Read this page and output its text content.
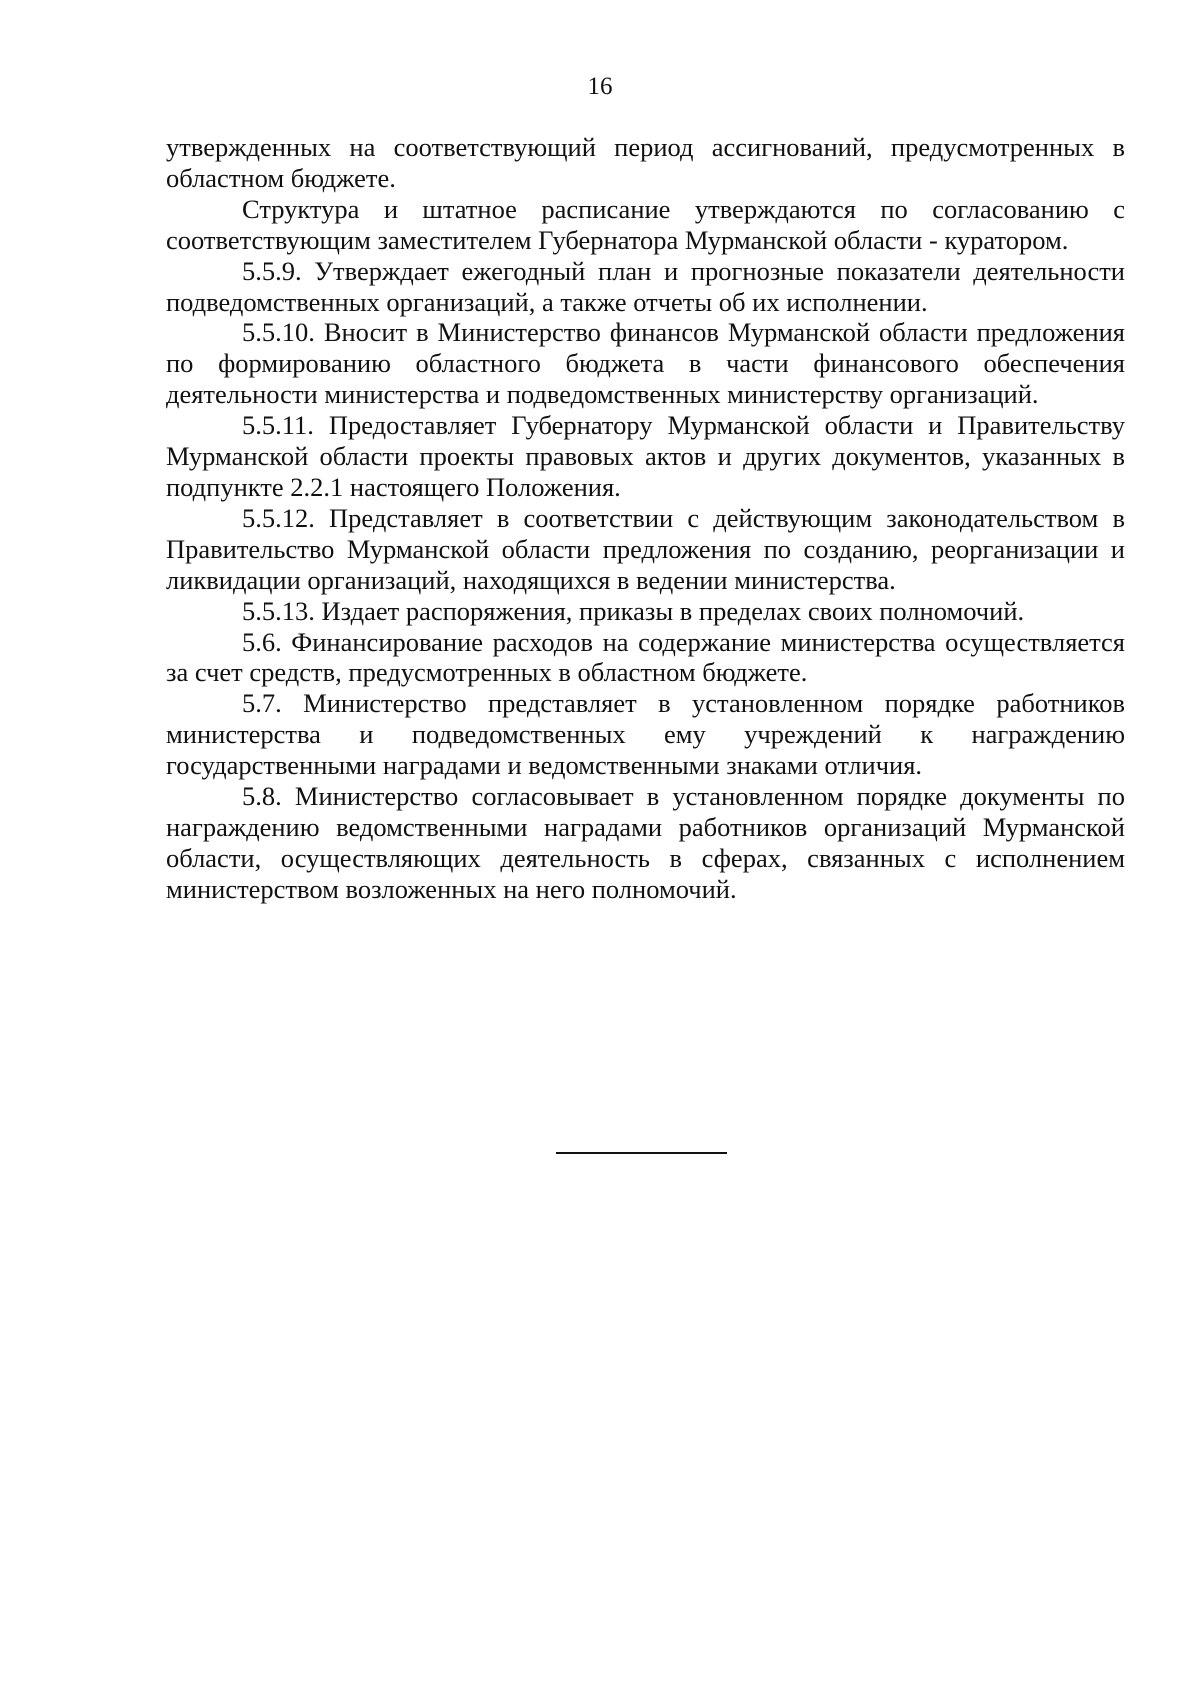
16

утвержденных на соответствующий период ассигнований, предусмотренных в областном бюджете.

Структура и штатное расписание утверждаются по согласованию с соответствующим заместителем Губернатора Мурманской области - куратором.

5.5.9. Утверждает ежегодный план и прогнозные показатели деятельности подведомственных организаций, а также отчеты об их исполнении.

5.5.10. Вносит в Министерство финансов Мурманской области предложения по формированию областного бюджета в части финансового обеспечения деятельности министерства и подведомственных министерству организаций.

5.5.11. Предоставляет Губернатору Мурманской области и Правительству Мурманской области проекты правовых актов и других документов, указанных в подпункте 2.2.1 настоящего Положения.

5.5.12. Представляет в соответствии с действующим законодательством в Правительство Мурманской области предложения по созданию, реорганизации и ликвидации организаций, находящихся в ведении министерства.

5.5.13. Издает распоряжения, приказы в пределах своих полномочий.

5.6. Финансирование расходов на содержание министерства осуществляется за счет средств, предусмотренных в областном бюджете.

5.7. Министерство представляет в установленном порядке работников министерства и подведомственных ему учреждений к награждению государственными наградами и ведомственными знаками отличия.

5.8. Министерство согласовывает в установленном порядке документы по награждению ведомственными наградами работников организаций Мурманской области, осуществляющих деятельность в сферах, связанных с исполнением министерством возложенных на него полномочий.
